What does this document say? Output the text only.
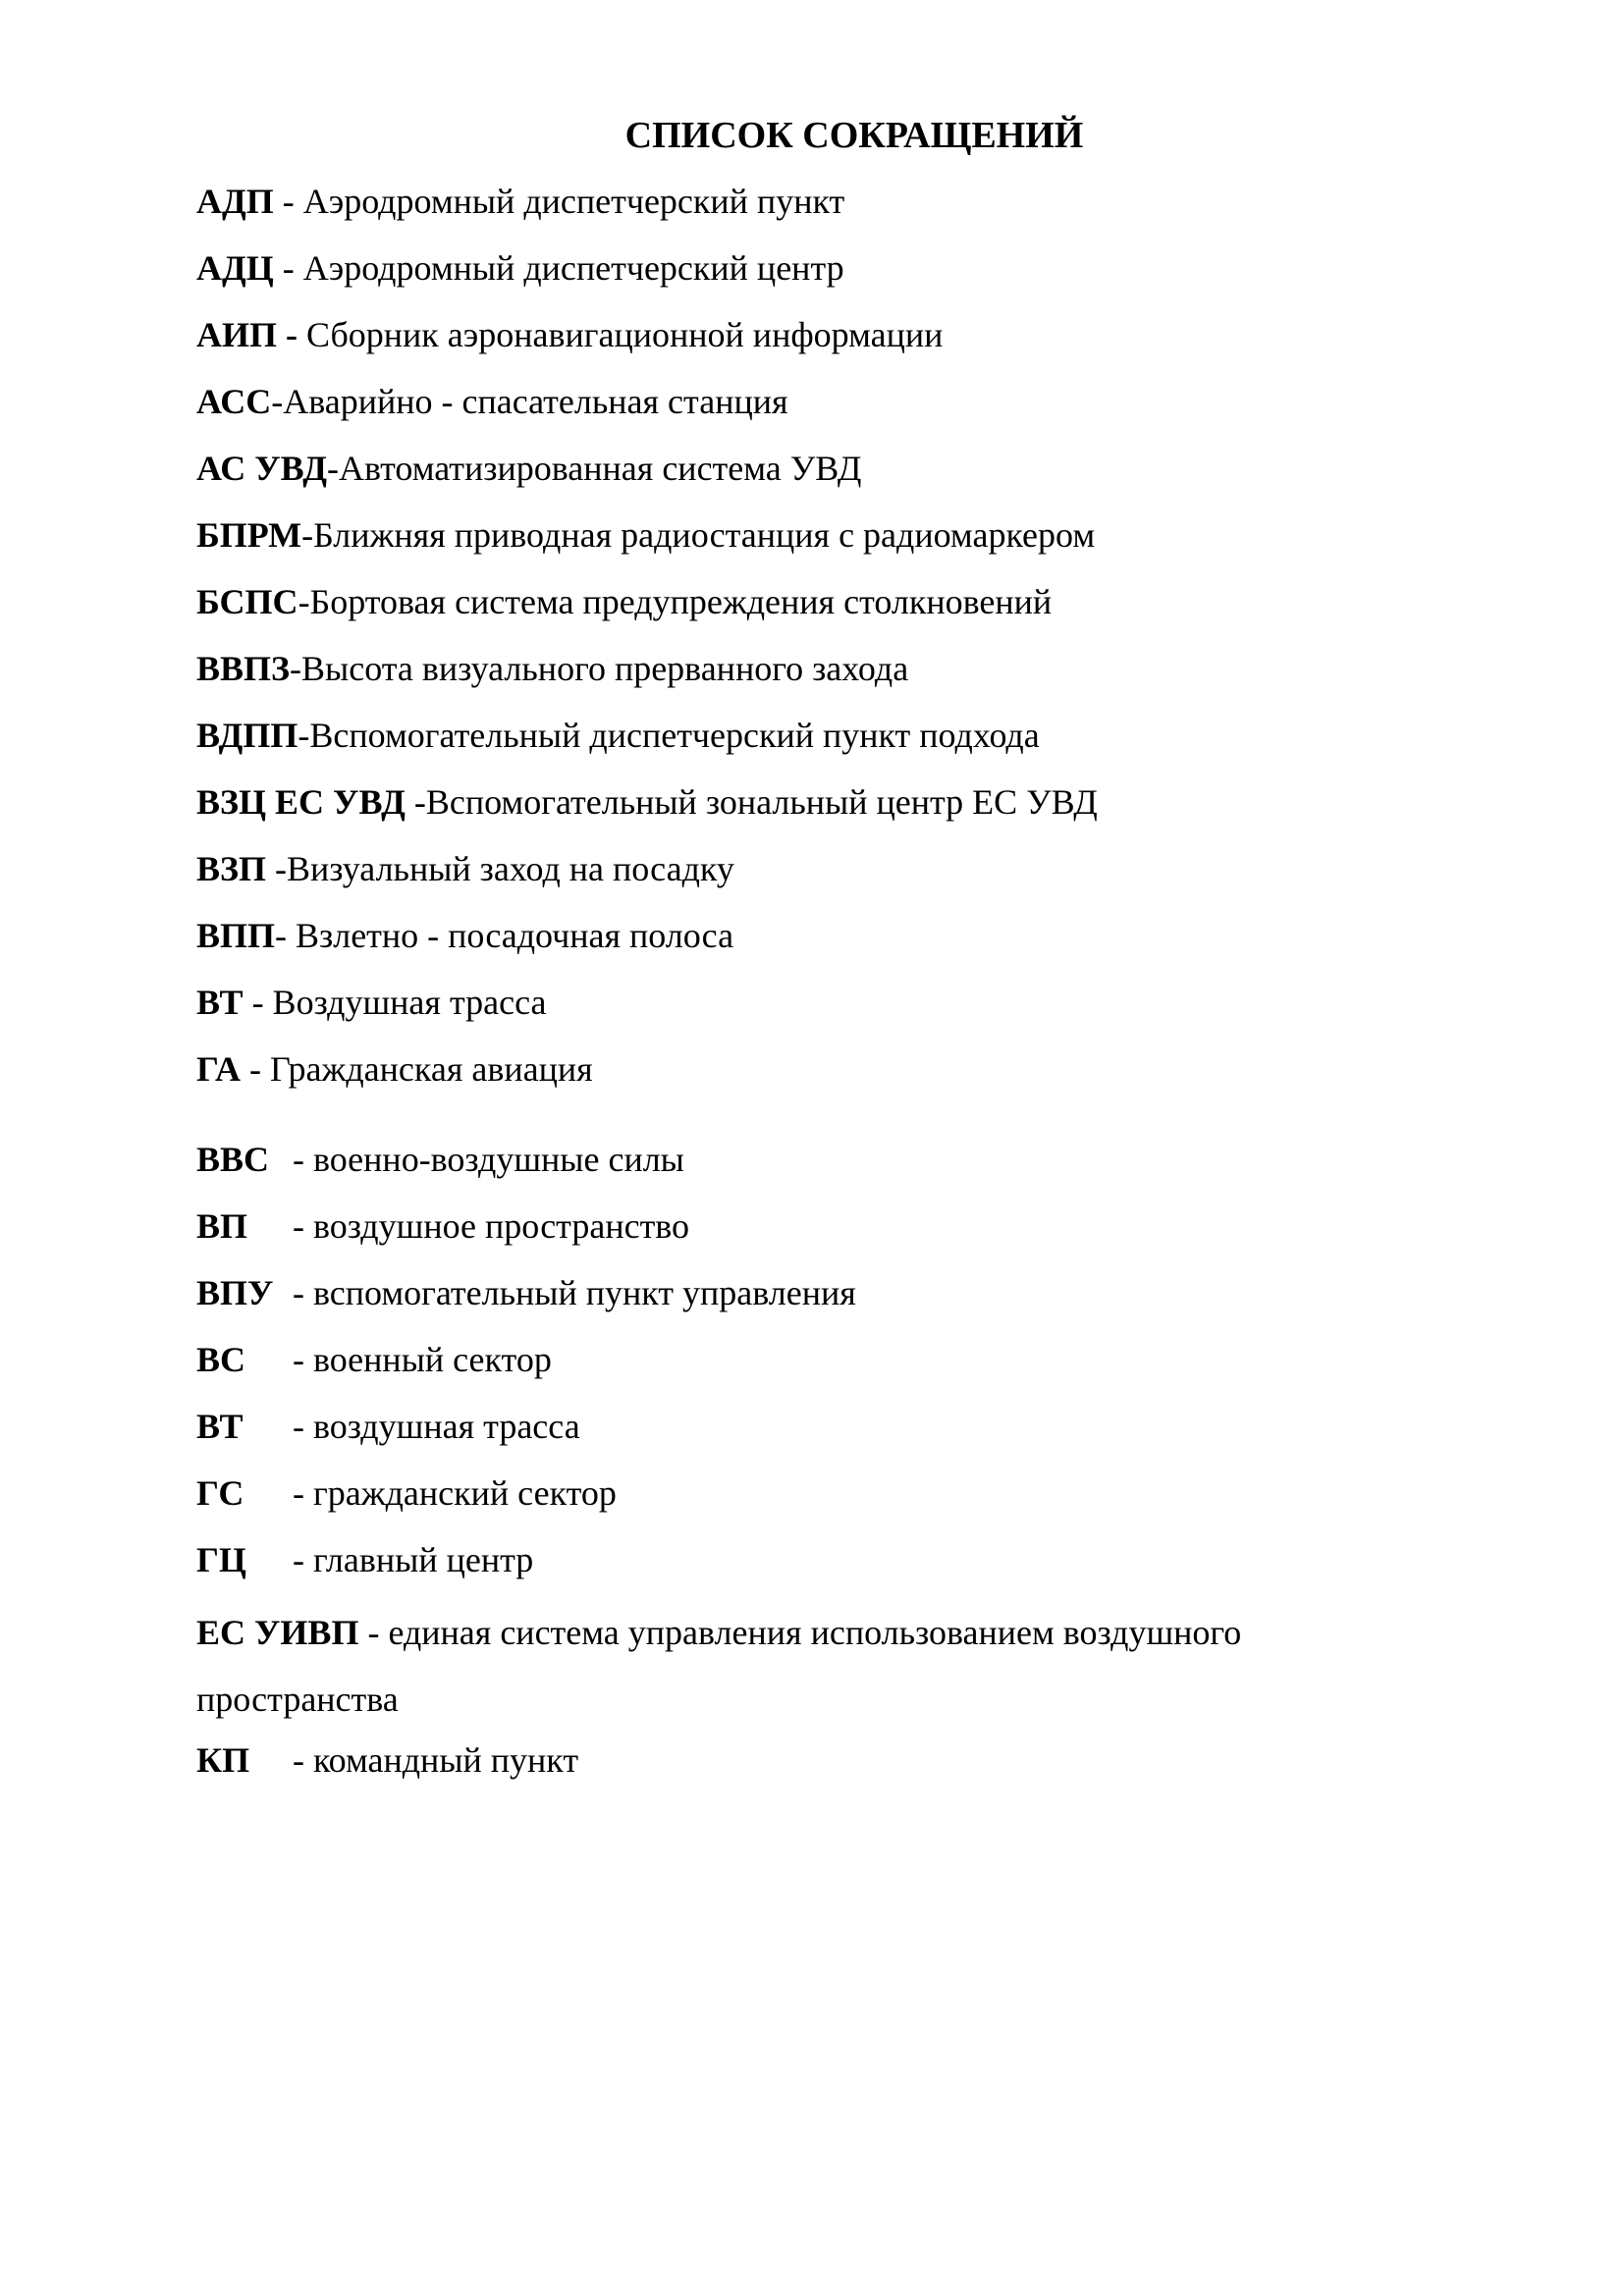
СПИСОК СОКРАЩЕНИЙ
АДП - Аэродромный диспетчерский пункт
АДЦ - Аэродромный диспетчерский центр
АИП - Сборник аэронавигационной информации
АСС-Аварийно - спасательная станция
АС УВД-Автоматизированная система УВД
БПРМ-Ближняя приводная радиостанция с радиомаркером
БСПС-Бортовая система предупреждения столкновений
ВВПЗ-Высота визуального прерванного захода
ВДПП-Вспомогательный диспетчерский пункт подхода
ВЗЦ ЕС УВД -Вспомогательный зональный центр ЕС УВД
ВЗП -Визуальный заход на посадку
ВПП- Взлетно - посадочная полоса
ВТ - Воздушная трасса
ГА - Гражданская авиация
ВВС - военно-воздушные силы
ВП - воздушное пространство
ВПУ - вспомогательный пункт управления
ВС - военный сектор
ВТ - воздушная трасса
ГС - гражданский сектор
ГЦ - главный центр
ЕС УИВП - единая система управления использованием воздушного пространства
КП - командный пункт
